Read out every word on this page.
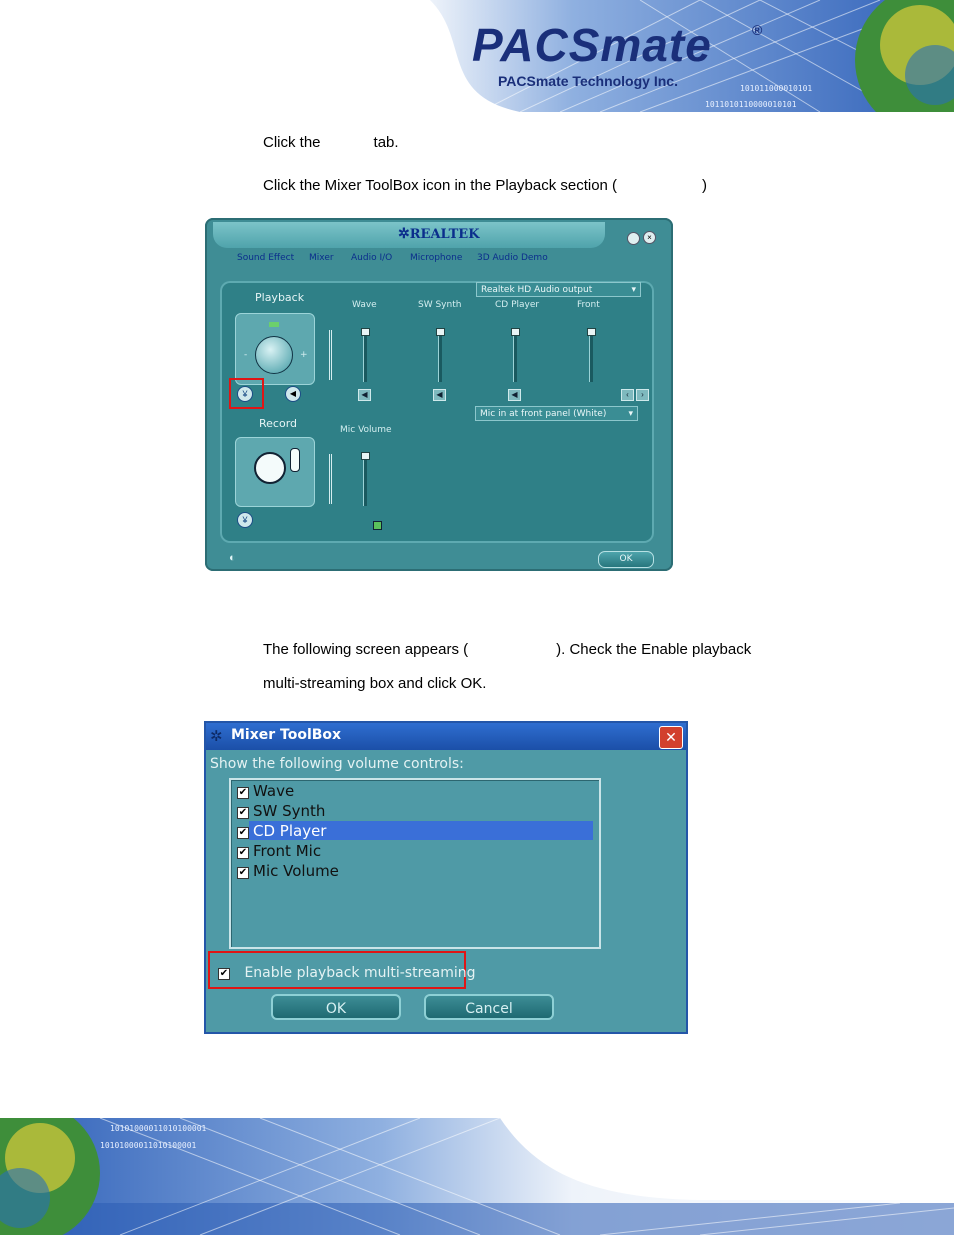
PACSmate	®
PACSmate Technology Inc.	101011000010101
1011010110000010101
Click the	tab.
Click the Mixer ToolBox icon in the Playback section (	)
✲REALTEK	×
Sound Effect Mixer Audio I/O Microphone 3D Audio Demo
Playback
Realtek HD Audio output	▾
-	+
¥	◀
Wave	SW Synth	CD Player	Front
◀	◀	◀	‹	›
Record
Mic in at front panel (White) ▾
¥
Mic Volume
◐	OK
The following screen appears (	). Check the Enable playback
multi-streaming box and click OK.
✲ Mixer ToolBox	✕
Show the following volume controls:
✔ Wave
✔ SW Synth
✔ CD Player
✔ Front Mic
✔ Mic Volume
✔ Enable playback multi-streaming
OK	Cancel
10101000011010100001
10101000011010100001
